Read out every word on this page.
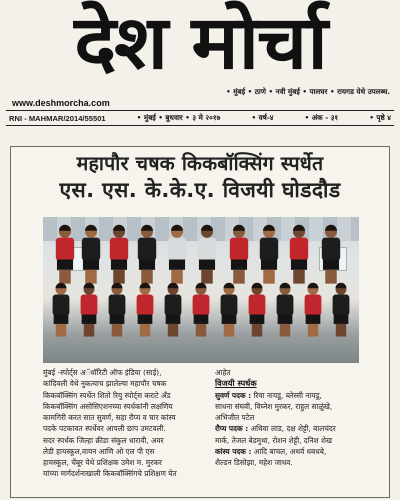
देश मोर्चा
• मुंबई • ठाणे • नवी मुंबई • पालघर • रायगड येथे उपलब्ध.
www.deshmorcha.com
RNI - MAHMAR/2014/55501	• मुंबई • बुधवार • ३ मे २०१७	• वर्ष-४	• अंक - ३१	• पृष्ठे ४
महापौर चषक किकबॉक्सिंग स्पर्धेत
एस. एस. के.के.ए. विजयी घोडदौड
मुंबई -स्पोर्ट्स अॅथॉरिटी ऑफ इंडिया (साई),
कांदिवली येथे नुकत्याच झालेल्या महापौर चषक
किकबॉक्सिंग स्पर्धेत शितो रियु स्पोर्ट्स कराटे अँड
किकबॉक्सिंग असोसिएशनच्या स्पर्धकांनी लक्षणिय
कामगिरी करत सात सुवर्ण, सहा रौप्य व चार कांस्य
पदके पटकावत स्पर्धेवर आपली छाप उमटवली.
सदर स्पर्धक जिल्हा क्रीडा संकुल धारावी, अवर
लेडी हायस्कूल,वायन आणि ओ एल पी एस
हायस्कूल, चेंबूर येथे प्रशिक्षक उमेश म. मुरकर
यांच्या मार्गदर्शनाखाली किकबॉक्सिंगचे प्रशिक्षण घेत
आहेत
विजयी स्पर्धक
सुवर्ण पदक : रिया नायडू, ब्लेस्सी नायडू,
साधना संघवी, विघ्नेश मुरकर, राहुल साळुंखे,
अभिजीत पटेल
रौप्य पदक : अथिवा लाड, दक्ष शेट्टी, बालचंदर
मार्क, तेजल बेडमुथा, रोशन शेट्टी, दनिश शेख
कांस्य पदक : आदि बाचल, अथर्व धबधबे,
शैल्डन डिसोझा, महेश जाधव.
